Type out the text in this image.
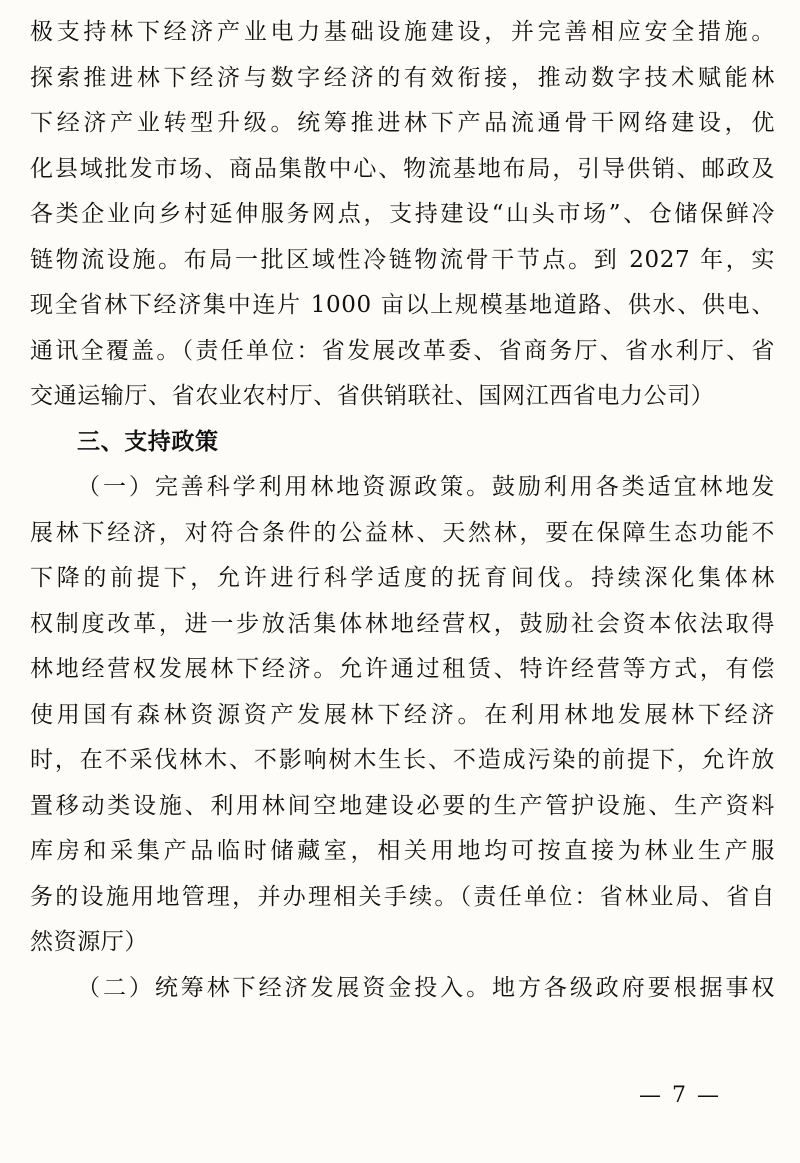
极支持林下经济产业电力基础设施建设，并完善相应安全措施。
探索推进林下经济与数字经济的有效衔接，推动数字技术赋能林
下经济产业转型升级。统筹推进林下产品流通骨干网络建设，优
化县域批发市场、商品集散中心、物流基地布局，引导供销、邮政及
各类企业向乡村延伸服务网点，支持建设“山头市场”、仓储保鲜冷
链物流设施。布局一批区域性冷链物流骨干节点。到 2027 年，实
现全省林下经济集中连片 1000 亩以上规模基地道路、供水、供电、
通讯全覆盖。（责任单位：省发展改革委、省商务厅、省水利厅、省
交通运输厅、省农业农村厅、省供销联社、国网江西省电力公司）
三、支持政策
（一）完善科学利用林地资源政策。鼓励利用各类适宜林地发
展林下经济，对符合条件的公益林、天然林，要在保障生态功能不
下降的前提下，允许进行科学适度的抚育间伐。持续深化集体林
权制度改革，进一步放活集体林地经营权，鼓励社会资本依法取得
林地经营权发展林下经济。允许通过租赁、特许经营等方式，有偿
使用国有森林资源资产发展林下经济。在利用林地发展林下经济
时，在不采伐林木、不影响树木生长、不造成污染的前提下，允许放
置移动类设施、利用林间空地建设必要的生产管护设施、生产资料
库房和采集产品临时储藏室，相关用地均可按直接为林业生产服
务的设施用地管理，并办理相关手续。（责任单位：省林业局、省自
然资源厅）
（二）统筹林下经济发展资金投入。地方各级政府要根据事权
— 7 —
